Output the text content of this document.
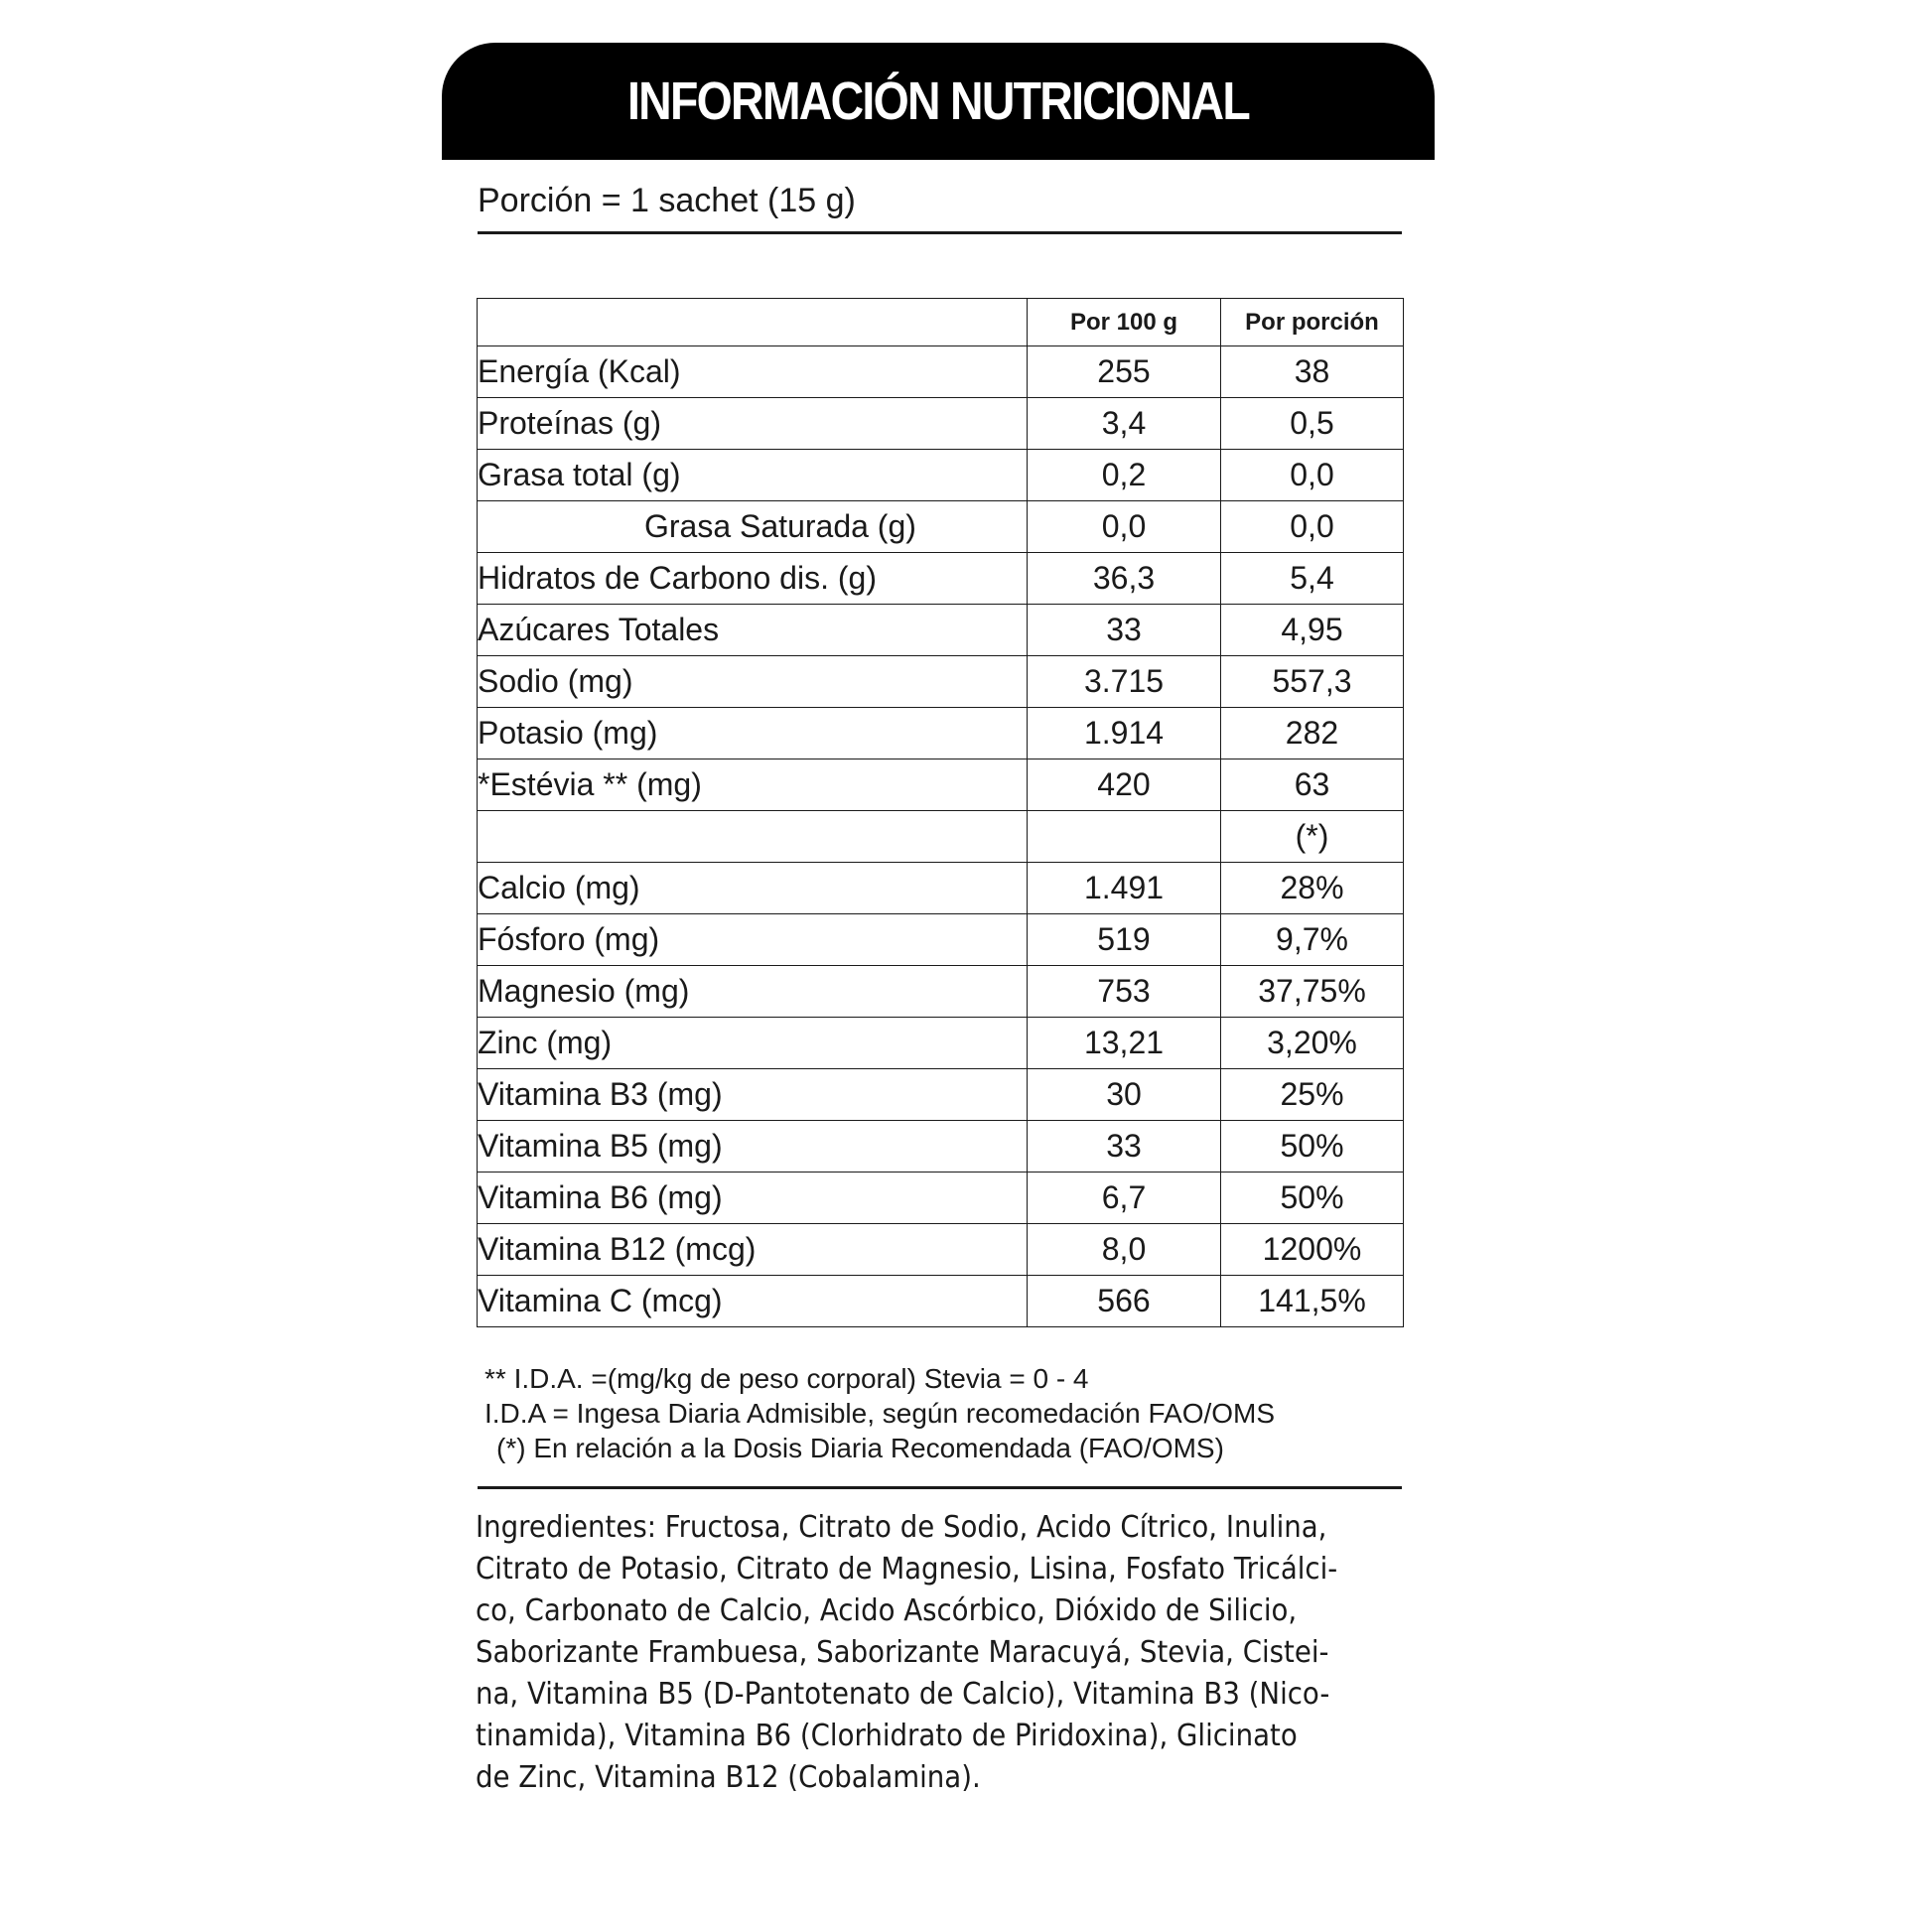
INFORMACIÓN NUTRICIONAL
Porción = 1 sachet (15 g)
	Por 100 g	Por porción
Energía (Kcal)	255	38
Proteínas (g)	3,4	0,5
Grasa total (g)	0,2	0,0
Grasa Saturada (g)	0,0	0,0
Hidratos de Carbono dis. (g)	36,3	5,4
Azúcares Totales	33	4,95
Sodio (mg)	3.715	557,3
Potasio (mg)	1.914	282
*Estévia ** (mg)	420	63
		(*)
Calcio (mg)	1.491	28%
Fósforo (mg)	519	9,7%
Magnesio (mg)	753	37,75%
Zinc (mg)	13,21	3,20%
Vitamina B3 (mg)	30	25%
Vitamina B5 (mg)	33	50%
Vitamina B6 (mg)	6,7	50%
Vitamina B12 (mcg)	8,0	1200%
Vitamina C (mcg)	566	141,5%
** I.D.A. =(mg/kg de peso corporal) Stevia = 0 - 4
I.D.A = Ingesa Diaria Admisible, según recomedación FAO/OMS
(*) En relación a la Dosis Diaria Recomendada (FAO/OMS)
Ingredientes: Fructosa, Citrato de Sodio, Acido Cítrico, Inulina,
Citrato de Potasio, Citrato de Magnesio, Lisina, Fosfato Tricálci-
co, Carbonato de Calcio, Acido Ascórbico, Dióxido de Silicio,
Saborizante Frambuesa, Saborizante Maracuyá, Stevia, Cistei-
na, Vitamina B5 (D-Pantotenato de Calcio), Vitamina B3 (Nico-
tinamida), Vitamina B6 (Clorhidrato de Piridoxina), Glicinato
de Zinc, Vitamina B12 (Cobalamina).
